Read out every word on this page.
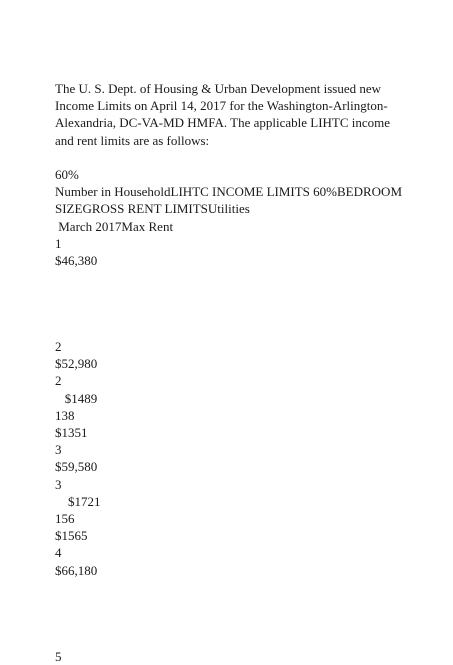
The U. S. Dept. of Housing & Urban Development issued new
Income Limits on April 14, 2017 for the Washington-Arlington-
Alexandria, DC-VA-MD HMFA. The applicable LIHTC income
and rent limits are as follows:
60%
Number in HouseholdLIHTC INCOME LIMITS 60%BEDROOM
SIZEGROSS RENT LIMITSUtilities
March 2017Max Rent
1
$46,380
2
$52,980
2
$1489
138
$1351
3
$59,580
3
$1721
156
$1565
4
$66,180
5
